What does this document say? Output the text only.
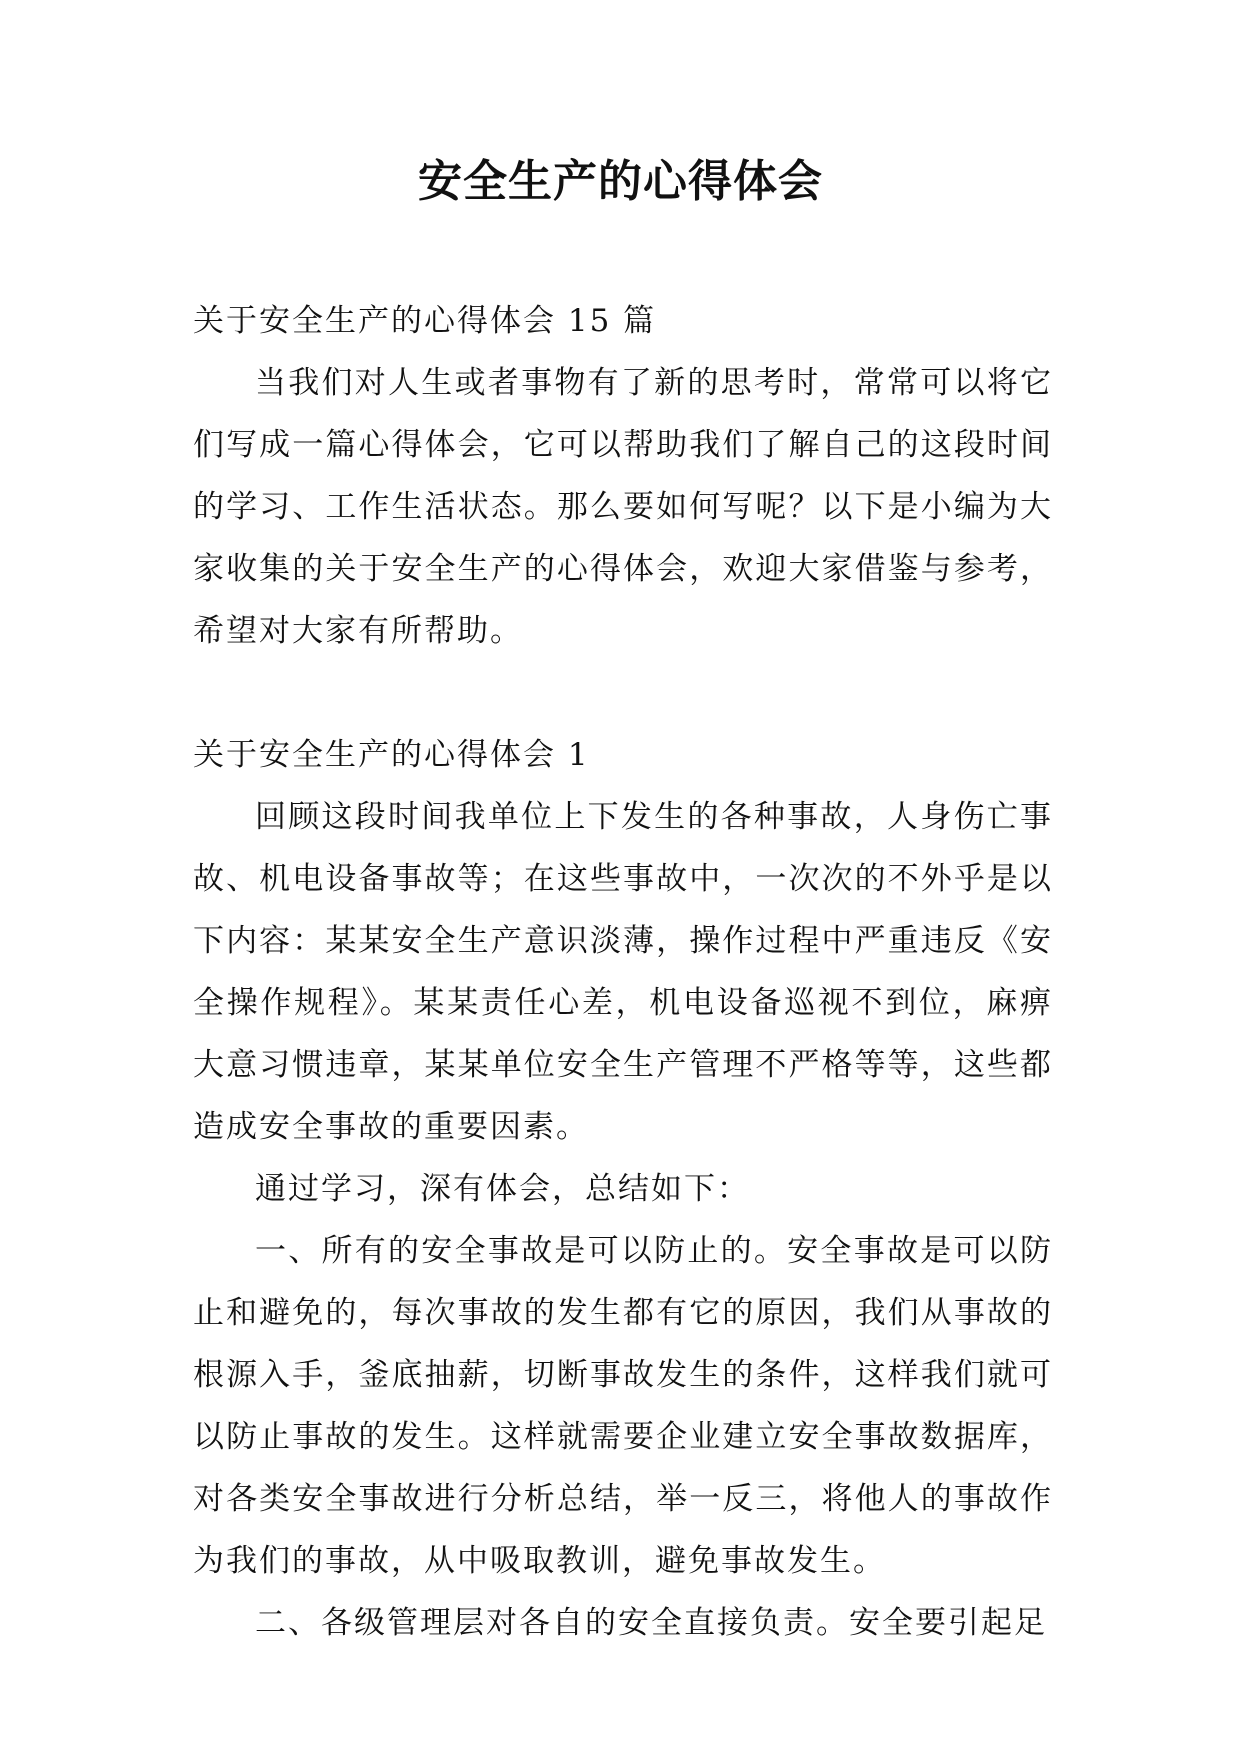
安全生产的心得体会

关于安全生产的心得体会 15 篇

当我们对人生或者事物有了新的思考时，常常可以将它们写成一篇心得体会，它可以帮助我们了解自己的这段时间的学习、工作生活状态。那么要如何写呢？以下是小编为大家收集的关于安全生产的心得体会，欢迎大家借鉴与参考，希望对大家有所帮助。

关于安全生产的心得体会 1

回顾这段时间我单位上下发生的各种事故，人身伤亡事故、机电设备事故等；在这些事故中，一次次的不外乎是以下内容：某某安全生产意识淡薄，操作过程中严重违反《安全操作规程》。某某责任心差，机电设备巡视不到位，麻痹大意习惯违章，某某单位安全生产管理不严格等等，这些都造成安全事故的重要因素。

通过学习，深有体会，总结如下：

一、所有的安全事故是可以防止的。安全事故是可以防止和避免的，每次事故的发生都有它的原因，我们从事故的根源入手，釜底抽薪，切断事故发生的条件，这样我们就可以防止事故的发生。这样就需要企业建立安全事故数据库，对各类安全事故进行分析总结，举一反三，将他人的事故作为我们的事故，从中吸取教训，避免事故发生。

二、各级管理层对各自的安全直接负责。安全要引起足
